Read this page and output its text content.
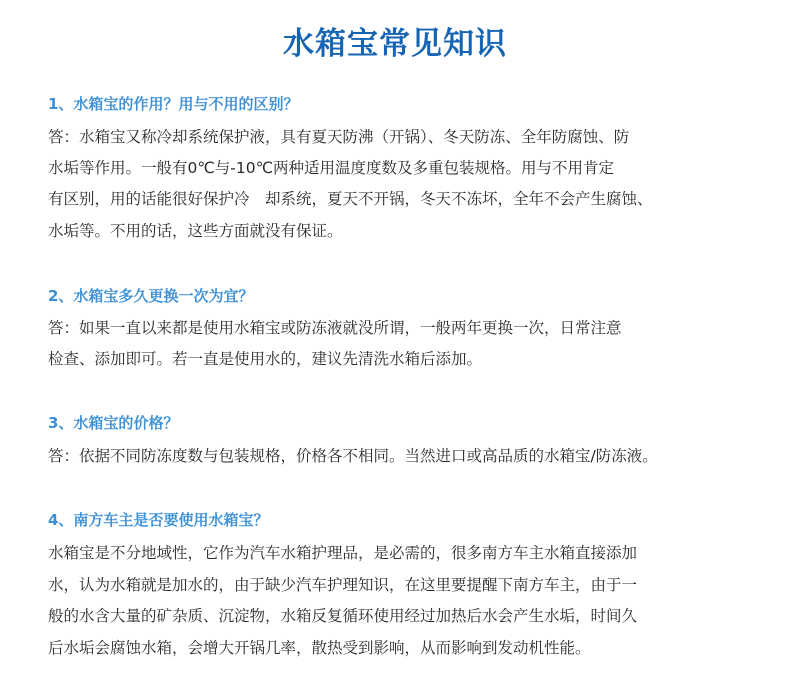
水箱宝常见知识
1、水箱宝的作用？用与不用的区别？
答：水箱宝又称冷却系统保护液，具有夏天防沸（开锅）、冬天防冻、全年防腐蚀、防
水垢等作用。一般有0℃与-10℃两种适用温度度数及多重包装规格。用与不用肯定
有区别，用的话能很好保护冷　却系统，夏天不开锅，冬天不冻坏，全年不会产生腐蚀、
水垢等。不用的话，这些方面就没有保证。
2、水箱宝多久更换一次为宜？
答：如果一直以来都是使用水箱宝或防冻液就没所谓，一般两年更换一次，日常注意
检查、添加即可。若一直是使用水的，建议先清洗水箱后添加。
3、水箱宝的价格？
答：依据不同防冻度数与包装规格，价格各不相同。当然进口或高品质的水箱宝/防冻液。
4、南方车主是否要使用水箱宝？
水箱宝是不分地域性，它作为汽车水箱护理品，是必需的，很多南方车主水箱直接添加
水，认为水箱就是加水的，由于缺少汽车护理知识，在这里要提醒下南方车主，由于一
般的水含大量的矿杂质、沉淀物，水箱反复循环使用经过加热后水会产生水垢，时间久
后水垢会腐蚀水箱，会增大开锅几率，散热受到影响，从而影响到发动机性能。
